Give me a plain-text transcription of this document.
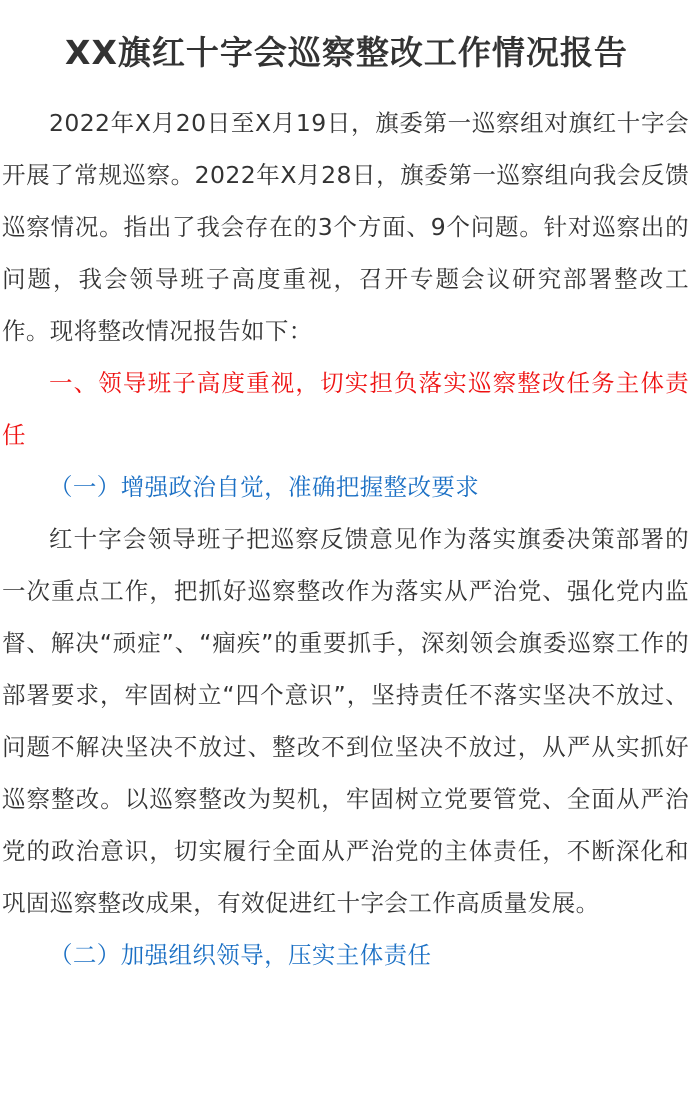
XX旗红十字会巡察整改工作情况报告

2022年X月20日至X月19日，旗委第一巡察组对旗红十字会开展了常规巡察。2022年X月28日，旗委第一巡察组向我会反馈巡察情况。指出了我会存在的3个方面、9个问题。针对巡察出的问题，我会领导班子高度重视，召开专题会议研究部署整改工作。现将整改情况报告如下：

一、领导班子高度重视，切实担负落实巡察整改任务主体责任

（一）增强政治自觉，准确把握整改要求

红十字会领导班子把巡察反馈意见作为落实旗委决策部署的一次重点工作，把抓好巡察整改作为落实从严治党、强化党内监督、解决“顽症”、“痼疾”的重要抓手，深刻领会旗委巡察工作的部署要求，牢固树立“四个意识”，坚持责任不落实坚决不放过、问题不解决坚决不放过、整改不到位坚决不放过，从严从实抓好巡察整改。以巡察整改为契机，牢固树立党要管党、全面从严治党的政治意识，切实履行全面从严治党的主体责任，不断深化和巩固巡察整改成果，有效促进红十字会工作高质量发展。

（二）加强组织领导，压实主体责任
